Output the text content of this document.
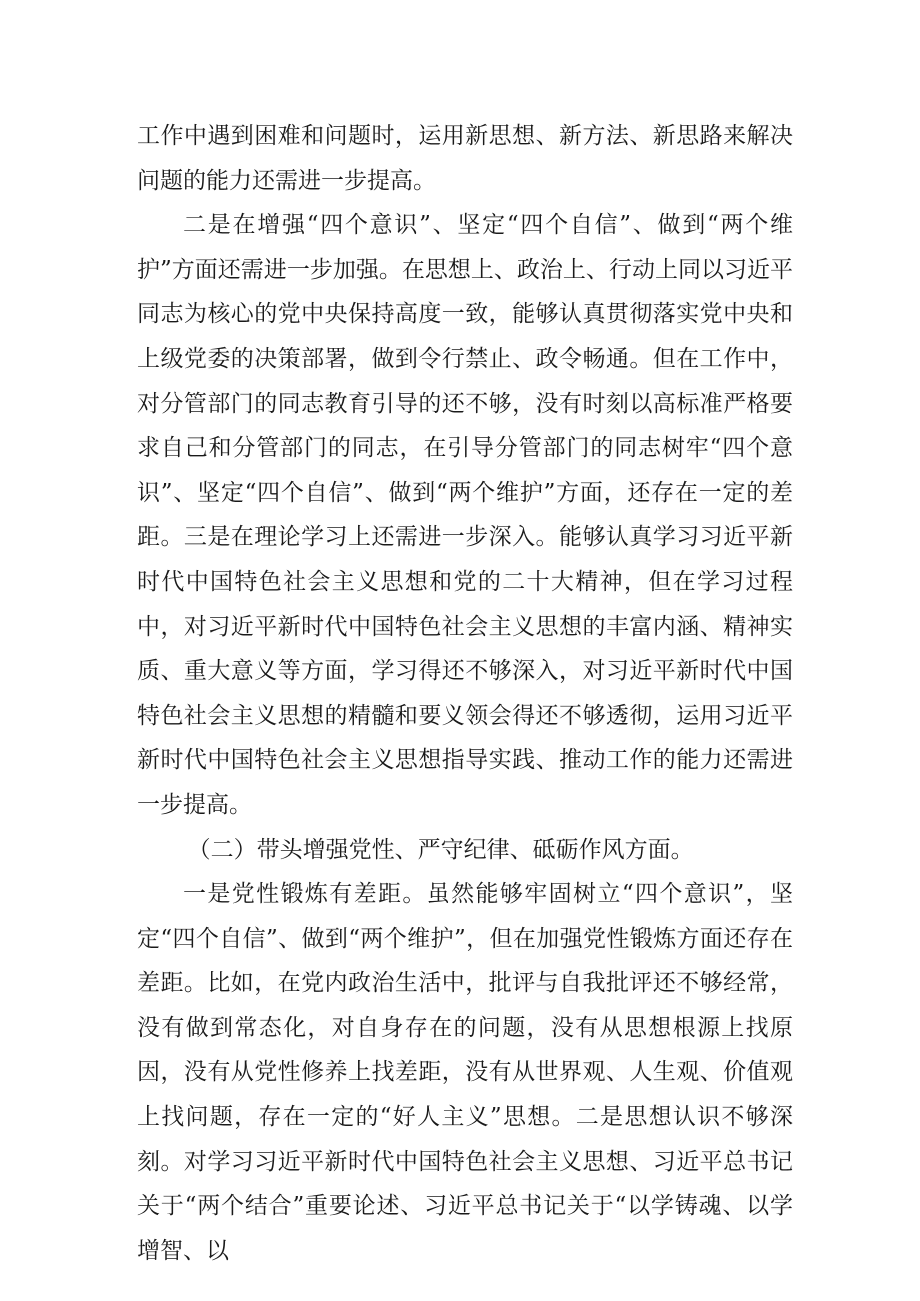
工作中遇到困难和问题时，运用新思想、新方法、新思路来解决问题的能力还需进一步提高。

二是在增强“四个意识”、坚定“四个自信”、做到“两个维护”方面还需进一步加强。在思想上、政治上、行动上同以习近平同志为核心的党中央保持高度一致，能够认真贯彻落实党中央和上级党委的决策部署，做到令行禁止、政令畅通。但在工作中，对分管部门的同志教育引导的还不够，没有时刻以高标准严格要求自己和分管部门的同志，在引导分管部门的同志树牢“四个意识”、坚定“四个自信”、做到“两个维护”方面，还存在一定的差距。三是在理论学习上还需进一步深入。能够认真学习习近平新时代中国特色社会主义思想和党的二十大精神，但在学习过程中，对习近平新时代中国特色社会主义思想的丰富内涵、精神实质、重大意义等方面，学习得还不够深入，对习近平新时代中国特色社会主义思想的精髓和要义领会得还不够透彻，运用习近平新时代中国特色社会主义思想指导实践、推动工作的能力还需进一步提高。

（二）带头增强党性、严守纪律、砥砺作风方面。

一是党性锻炼有差距。虽然能够牢固树立“四个意识”，坚定“四个自信”、做到“两个维护”，但在加强党性锻炼方面还存在差距。比如，在党内政治生活中，批评与自我批评还不够经常，没有做到常态化，对自身存在的问题，没有从思想根源上找原因，没有从党性修养上找差距，没有从世界观、人生观、价值观上找问题，存在一定的“好人主义”思想。二是思想认识不够深刻。对学习习近平新时代中国特色社会主义思想、习近平总书记关于“两个结合”重要论述、习近平总书记关于“以学铸魂、以学增智、以
